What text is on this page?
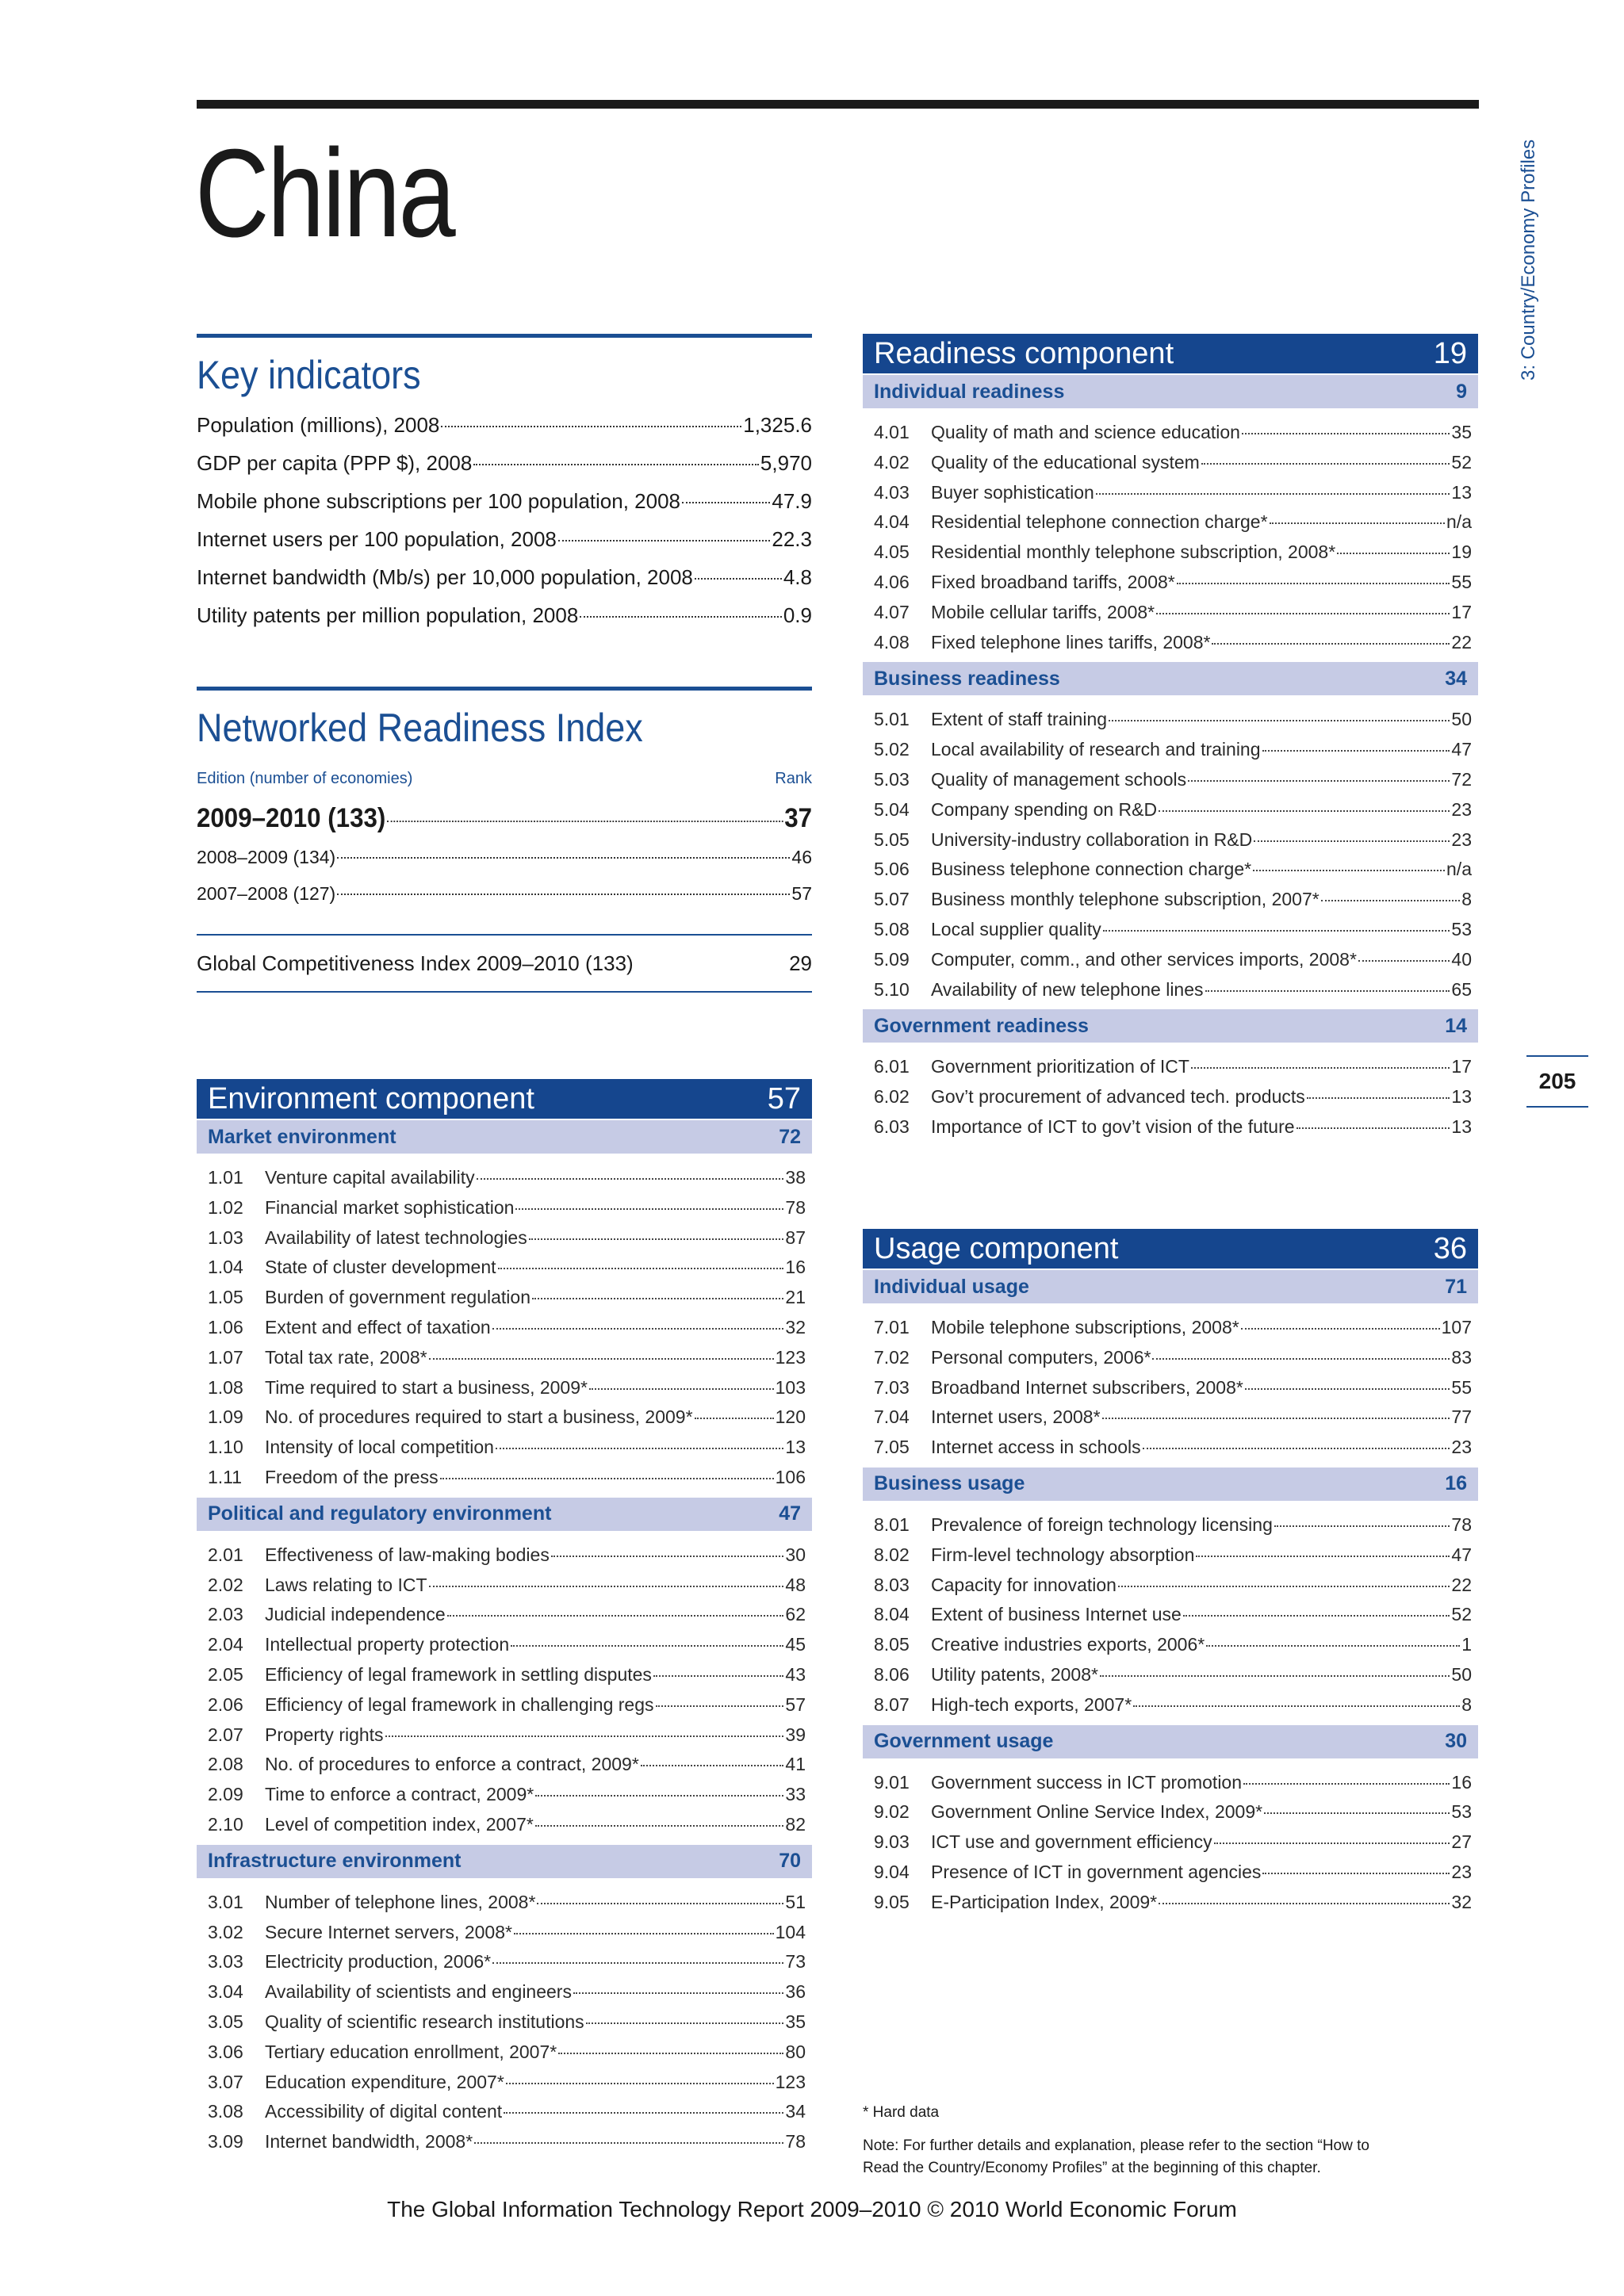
China	3: Country/Economy Profiles
205
Key indicators
Population (millions), 2008	1,325.6
GDP per capita (PPP $), 2008	5,970
Mobile phone subscriptions per 100 population, 2008	47.9
Internet users per 100 population, 2008	22.3
Internet bandwidth (Mb/s) per 10,000 population, 2008	4.8
Utility patents per million population, 2008	0.9
Networked Readiness Index
Edition (number of economies)	Rank
2009–2010 (133)	37
2008–2009 (134)	46
2007–2008 (127)	57
Global Competitiveness Index 2009–2010 (133)	29
Environment component	57
Market environment	72
1.01	Venture capital availability	38
1.02	Financial market sophistication	78
1.03	Availability of latest technologies	87
1.04	State of cluster development	16
1.05	Burden of government regulation	21
1.06	Extent and effect of taxation	32
1.07	Total tax rate, 2008*	123
1.08	Time required to start a business, 2009*	103
1.09	No. of procedures required to start a business, 2009*	120
1.10	Intensity of local competition	13
1.11	Freedom of the press	106
Political and regulatory environment	47
2.01	Effectiveness of law-making bodies	30
2.02	Laws relating to ICT	48
2.03	Judicial independence	62
2.04	Intellectual property protection	45
2.05	Efficiency of legal framework in settling disputes	43
2.06	Efficiency of legal framework in challenging regs	57
2.07	Property rights	39
2.08	No. of procedures to enforce a contract, 2009*	41
2.09	Time to enforce a contract, 2009*	33
2.10	Level of competition index, 2007*	82
Infrastructure environment	70
3.01	Number of telephone lines, 2008*	51
3.02	Secure Internet servers, 2008*	104
3.03	Electricity production, 2006*	73
3.04	Availability of scientists and engineers	36
3.05	Quality of scientific research institutions	35
3.06	Tertiary education enrollment, 2007*	80
3.07	Education expenditure, 2007*	123
3.08	Accessibility of digital content	34
3.09	Internet bandwidth, 2008*	78
Readiness component	19
Individual readiness	9
4.01	Quality of math and science education	35
4.02	Quality of the educational system	52
4.03	Buyer sophistication	13
4.04	Residential telephone connection charge*	n/a
4.05	Residential monthly telephone subscription, 2008*	19
4.06	Fixed broadband tariffs, 2008*	55
4.07	Mobile cellular tariffs, 2008*	17
4.08	Fixed telephone lines tariffs, 2008*	22
Business readiness	34
5.01	Extent of staff training	50
5.02	Local availability of research and training	47
5.03	Quality of management schools	72
5.04	Company spending on R&D	23
5.05	University-industry collaboration in R&D	23
5.06	Business telephone connection charge*	n/a
5.07	Business monthly telephone subscription, 2007*	8
5.08	Local supplier quality	53
5.09	Computer, comm., and other services imports, 2008*	40
5.10	Availability of new telephone lines	65
Government readiness	14
6.01	Government prioritization of ICT	17
6.02	Gov’t procurement of advanced tech. products	13
6.03	Importance of ICT to gov’t vision of the future	13
Usage component	36
Individual usage	71
7.01	Mobile telephone subscriptions, 2008*	107
7.02	Personal computers, 2006*	83
7.03	Broadband Internet subscribers, 2008*	55
7.04	Internet users, 2008*	77
7.05	Internet access in schools	23
Business usage	16
8.01	Prevalence of foreign technology licensing	78
8.02	Firm-level technology absorption	47
8.03	Capacity for innovation	22
8.04	Extent of business Internet use	52
8.05	Creative industries exports, 2006*	1
8.06	Utility patents, 2008*	50
8.07	High-tech exports, 2007*	8
Government usage	30
9.01	Government success in ICT promotion	16
9.02	Government Online Service Index, 2009*	53
9.03	ICT use and government efficiency	27
9.04	Presence of ICT in government agencies	23
9.05	E-Participation Index, 2009*	32
* Hard data
Note: For further details and explanation, please refer to the section “How to
Read the Country/Economy Profiles” at the beginning of this chapter.
The Global Information Technology Report 2009–2010 © 2010 World Economic Forum
